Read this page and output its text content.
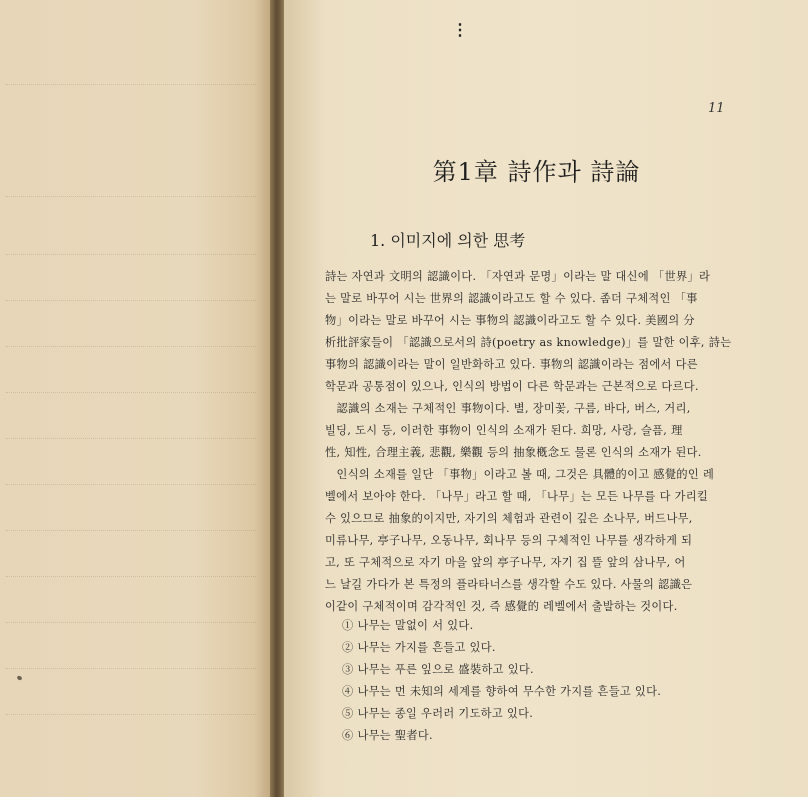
⋮
11
第1章 詩作과 詩論
1. 이미지에 의한 思考
詩는 자연과 文明의 認識이다. 「자연과 문명」이라는 말 대신에 「世界」라
는 말로 바꾸어 시는 世界의 認識이라고도 할 수 있다. 좀더 구체적인 「事
物」이라는 말로 바꾸어 시는 事物의 認識이라고도 할 수 있다. 美國의 分
析批評家들이 「認識으로서의 詩(poetry as knowledge)」를 말한 이후, 詩는
事物의 認識이라는 말이 일반화하고 있다. 事物의 認識이라는 점에서 다른
학문과 공통점이 있으나, 인식의 방법이 다른 학문과는 근본적으로 다르다.
　認識의 소재는 구체적인 事物이다. 별, 장미꽃, 구름, 바다, 버스, 거리,
빌딩, 도시 등, 이러한 事物이 인식의 소재가 된다. 희망, 사랑, 슬픔, 理
性, 知性, 合理主義, 悲觀, 樂觀 등의 抽象槪念도 물론 인식의 소재가 된다.
　인식의 소재를 일단 「事物」이라고 볼 때, 그것은 具體的이고 感覺的인 레
벨에서 보아야 한다. 「나무」라고 할 때, 「나무」는 모든 나무를 다 가리킬
수 있으므로 抽象的이지만, 자기의 체험과 관련이 깊은 소나무, 버드나무,
미류나무, 亭子나무, 오동나무, 회나무 등의 구체적인 나무를 생각하게 되
고, 또 구체적으로 자기 마을 앞의 亭子나무, 자기 집 뜰 앞의 삼나무, 어
느 날길 가다가 본 특정의 플라타너스를 생각할 수도 있다. 사물의 認識은
이같이 구체적이며 감각적인 것, 즉 感覺的 레벨에서 출발하는 것이다.
① 나무는 말없이 서 있다.
② 나무는 가지를 흔들고 있다.
③ 나무는 푸른 잎으로 盛裝하고 있다.
④ 나무는 먼 未知의 세계를 향하여 무수한 가지를 흔들고 있다.
⑤ 나무는 종일 우러러 기도하고 있다.
⑥ 나무는 聖者다.
